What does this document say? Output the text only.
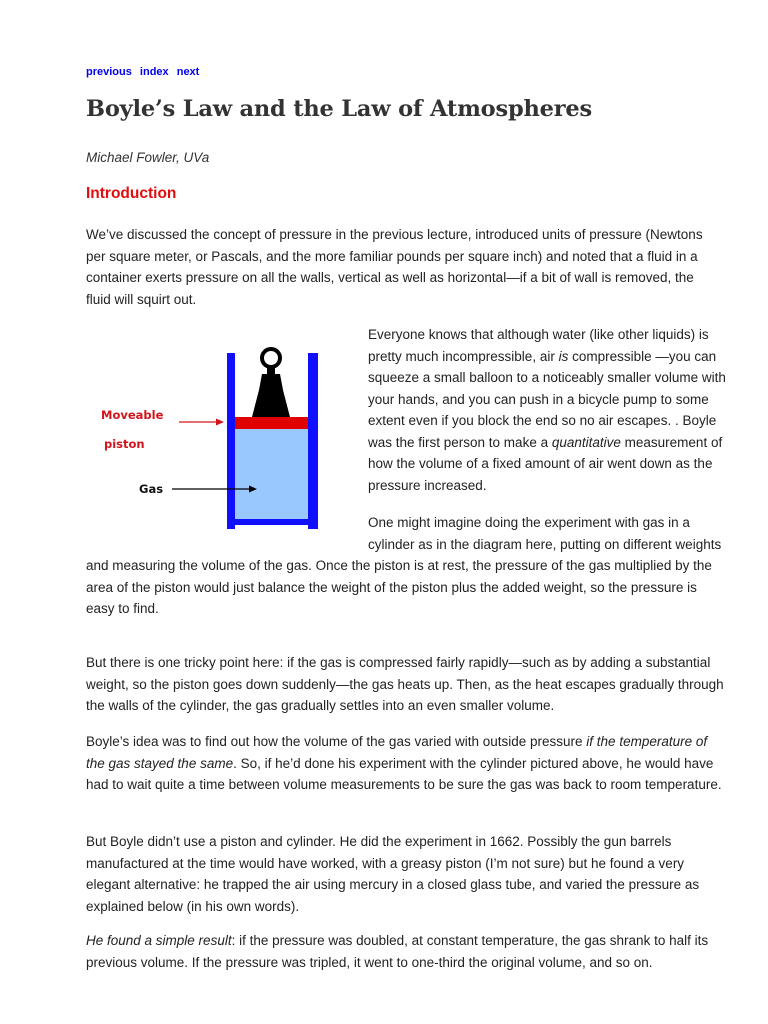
previous index next
Boyle’s Law and the Law of Atmospheres
Michael Fowler, UVa
Introduction

We’ve discussed the concept of pressure in the previous lecture, introduced units of pressure (Newtons per square meter, or Pascals, and the more familiar pounds per square inch) and noted that a fluid in a container exerts pressure on all the walls, vertical as well as horizontal—if a bit of wall is removed, the fluid will squirt out.

Moveable
piston
Gas

Everyone knows that although water (like other liquids) is pretty much incompressible, air is compressible —you can squeeze a small balloon to a noticeably smaller volume with your hands, and you can push in a bicycle pump to some extent even if you block the end so no air escapes. . Boyle was the first person to make a quantitative measurement of how the volume of a fixed amount of air went down as the pressure increased.

One might imagine doing the experiment with gas in a cylinder as in the diagram here, putting on different weights and measuring the volume of the gas. Once the piston is at rest, the pressure of the gas multiplied by the area of the piston would just balance the weight of the piston plus the added weight, so the pressure is easy to find.

But there is one tricky point here: if the gas is compressed fairly rapidly—such as by adding a substantial weight, so the piston goes down suddenly—the gas heats up. Then, as the heat escapes gradually through the walls of the cylinder, the gas gradually settles into an even smaller volume.

Boyle’s idea was to find out how the volume of the gas varied with outside pressure if the temperature of the gas stayed the same. So, if he’d done his experiment with the cylinder pictured above, he would have had to wait quite a time between volume measurements to be sure the gas was back to room temperature.

But Boyle didn’t use a piston and cylinder. He did the experiment in 1662. Possibly the gun barrels manufactured at the time would have worked, with a greasy piston (I’m not sure) but he found a very elegant alternative: he trapped the air using mercury in a closed glass tube, and varied the pressure as explained below (in his own words).

He found a simple result: if the pressure was doubled, at constant temperature, the gas shrank to half its previous volume. If the pressure was tripled, it went to one-third the original volume, and so on.
